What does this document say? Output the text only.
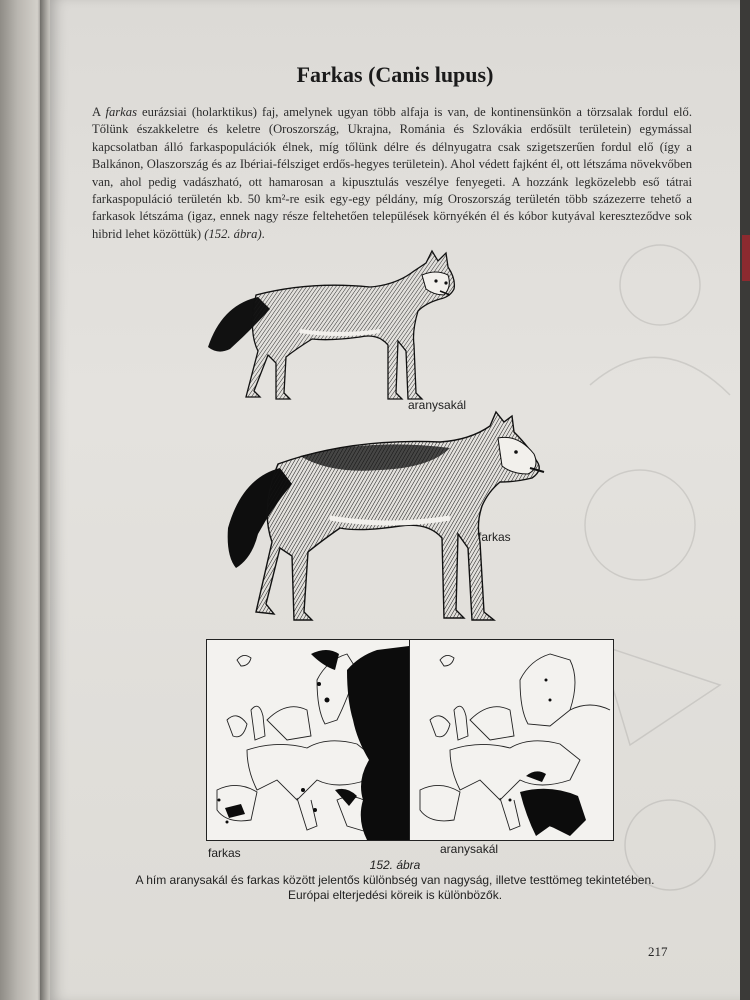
Farkas (Canis lupus)
A farkas eurázsiai (holarktikus) faj, amelynek ugyan több alfaja is van, de kontinensünkön a törzsalak fordul elő. Tőlünk északkeletre és keletre (Oroszország, Ukrajna, Románia és Szlovákia erdősült területein) egymással kapcsolatban álló farkaspopulációk élnek, míg tőlünk délre és délnyugatra csak szigetszerűen fordul elő (így a Balkánon, Olaszország és az Ibériai-félsziget erdős-hegyes területein). Ahol védett fajként él, ott létszáma növekvőben van, ahol pedig vadászható, ott hamarosan a kipusztulás veszélye fenyegeti. A hozzánk legközelebb eső tátrai farkaspopuláció területén kb. 50 km²-re esik egy-egy példány, míg Oroszország területén több százezerre tehető a farkasok létszáma (igaz, ennek nagy része feltehetően települések környékén él és kóbor kutyával kereszteződve sok hibrid lehet közöttük) (152. ábra).
aranysakál
farkas
farkas	aranysakál
152. ábra
A hím aranysakál és farkas között jelentős különbség van nagyság, illetve testtömeg tekintetében.
Európai elterjedési köreik is különbözők.
217
